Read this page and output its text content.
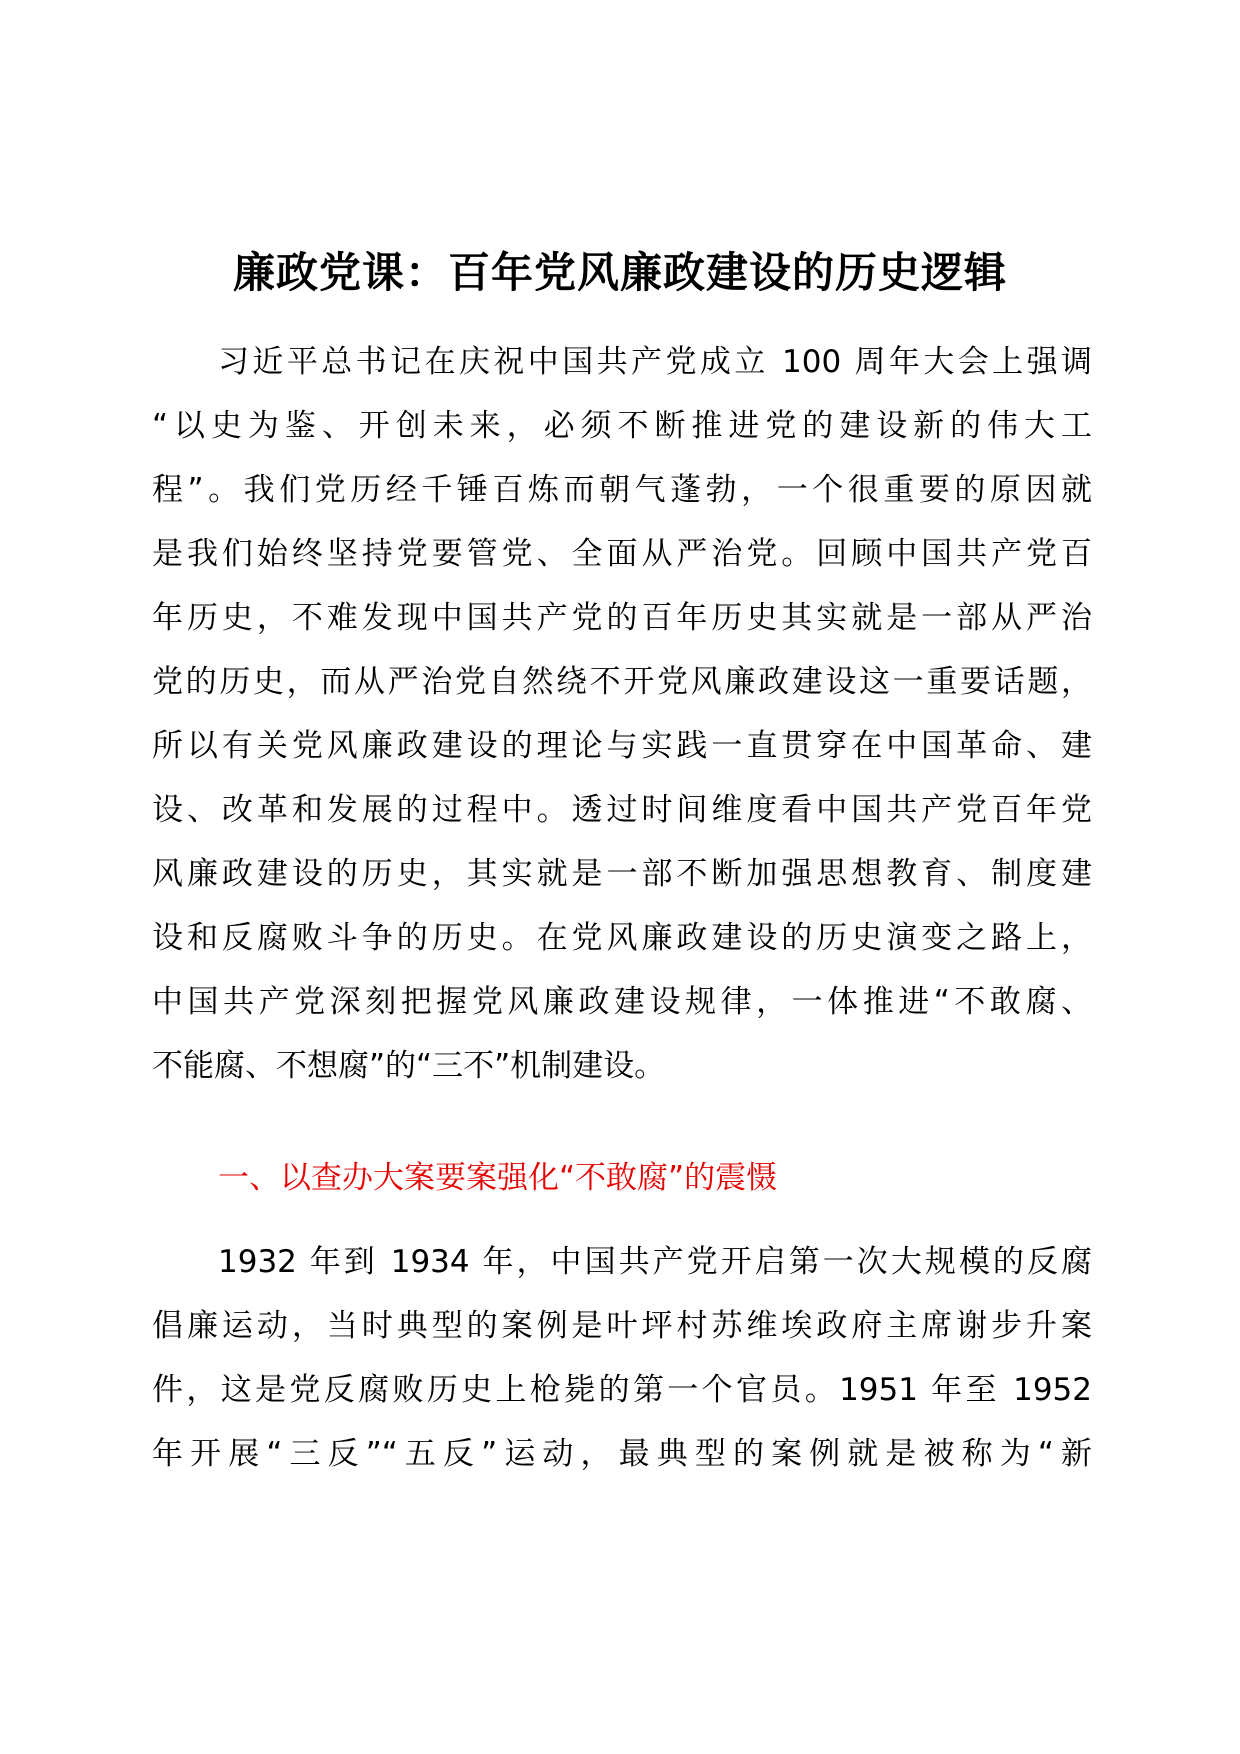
廉政党课：百年党风廉政建设的历史逻辑
习近平总书记在庆祝中国共产党成立 100 周年大会上强调
“以史为鉴、开创未来，必须不断推进党的建设新的伟大工
程”。我们党历经千锤百炼而朝气蓬勃，一个很重要的原因就
是我们始终坚持党要管党、全面从严治党。回顾中国共产党百
年历史，不难发现中国共产党的百年历史其实就是一部从严治
党的历史，而从严治党自然绕不开党风廉政建设这一重要话题，
所以有关党风廉政建设的理论与实践一直贯穿在中国革命、建
设、改革和发展的过程中。透过时间维度看中国共产党百年党
风廉政建设的历史，其实就是一部不断加强思想教育、制度建
设和反腐败斗争的历史。在党风廉政建设的历史演变之路上，
中国共产党深刻把握党风廉政建设规律，一体推进“不敢腐、
不能腐、不想腐”的“三不”机制建设。
一、以查办大案要案强化“不敢腐”的震慑
1932 年到 1934 年，中国共产党开启第一次大规模的反腐
倡廉运动，当时典型的案例是叶坪村苏维埃政府主席谢步升案
件，这是党反腐败历史上枪毙的第一个官员。1951 年至 1952
年开展“三反”“五反”运动，最典型的案例就是被称为“新
